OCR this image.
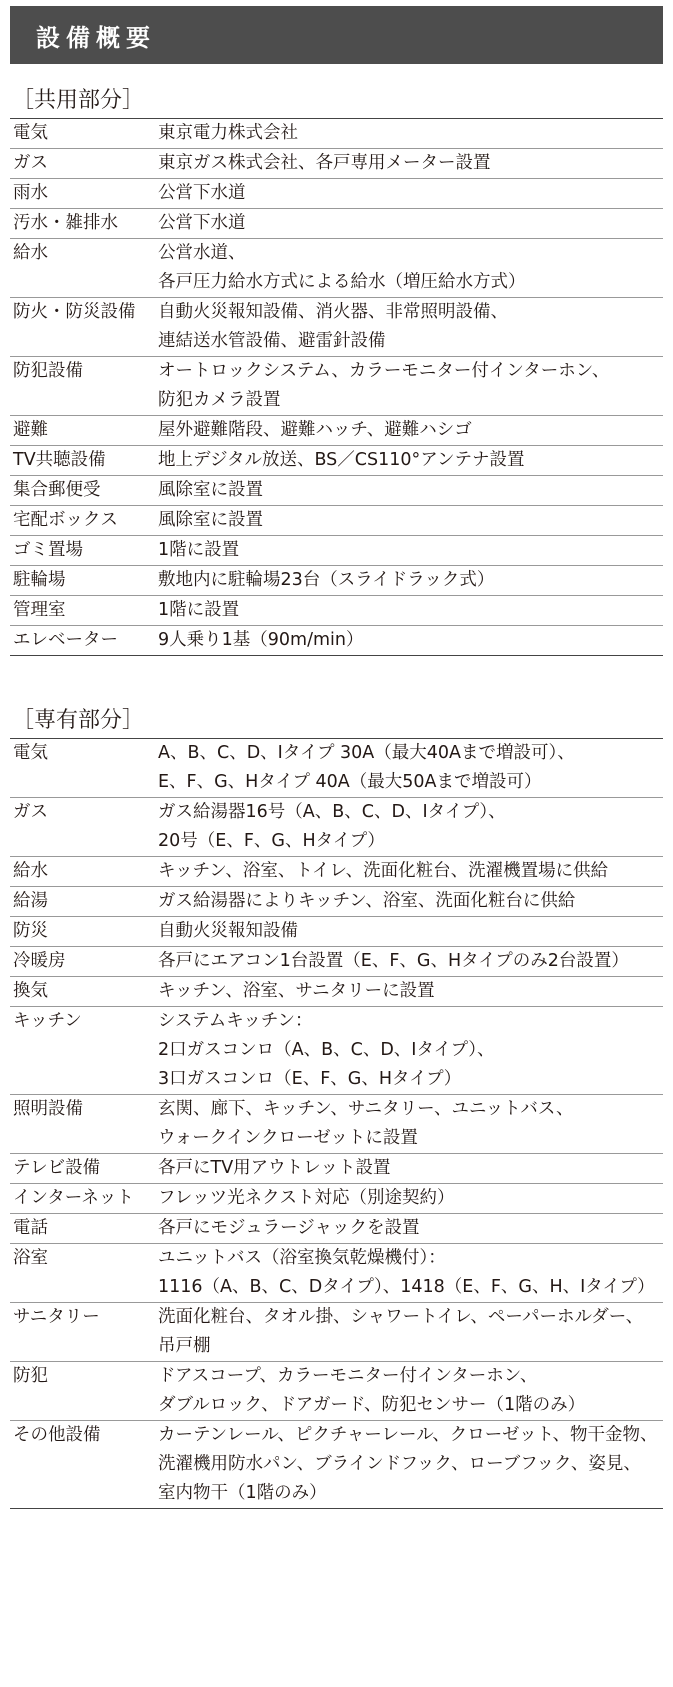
設備概要
［共用部分］
電気	東京電力株式会社
ガス	東京ガス株式会社、各戸専用メーター設置
雨水	公営下水道
汚水・雑排水	公営下水道
給水	公営水道、
各戸圧力給水方式による給水（増圧給水方式）
防火・防災設備	自動火災報知設備、消火器、非常照明設備、
連結送水管設備、避雷針設備
防犯設備	オートロックシステム、カラーモニター付インターホン、
防犯カメラ設置
避難	屋外避難階段、避難ハッチ、避難ハシゴ
TV共聴設備	地上デジタル放送、BS／CS110°アンテナ設置
集合郵便受	風除室に設置
宅配ボックス	風除室に設置
ゴミ置場	1階に設置
駐輪場	敷地内に駐輪場23台（スライドラック式）
管理室	1階に設置
エレベーター	9人乗り1基（90m/min）
［専有部分］
電気	A、B、C、D、Iタイプ 30A（最大40Aまで増設可）、
E、F、G、Hタイプ 40A（最大50Aまで増設可）
ガス	ガス給湯器16号（A、B、C、D、Iタイプ）、
20号（E、F、G、Hタイプ）
給水	キッチン、浴室、トイレ、洗面化粧台、洗濯機置場に供給
給湯	ガス給湯器によりキッチン、浴室、洗面化粧台に供給
防災	自動火災報知設備
冷暖房	各戸にエアコン1台設置（E、F、G、Hタイプのみ2台設置）
換気	キッチン、浴室、サニタリーに設置
キッチン	システムキッチン：
2口ガスコンロ（A、B、C、D、Iタイプ）、
3口ガスコンロ（E、F、G、Hタイプ）
照明設備	玄関、廊下、キッチン、サニタリー、ユニットバス、
ウォークインクローゼットに設置
テレビ設備	各戸にTV用アウトレット設置
インターネット	フレッツ光ネクスト対応（別途契約）
電話	各戸にモジュラージャックを設置
浴室	ユニットバス（浴室換気乾燥機付）：
1116（A、B、C、Dタイプ）、1418（E、F、G、H、Iタイプ）
サニタリー	洗面化粧台、タオル掛、シャワートイレ、ペーパーホルダー、
吊戸棚
防犯	ドアスコープ、カラーモニター付インターホン、
ダブルロック、ドアガード、防犯センサー（1階のみ）
その他設備	カーテンレール、ピクチャーレール、クローゼット、物干金物、
洗濯機用防水パン、ブラインドフック、ローブフック、姿見、
室内物干（1階のみ）
